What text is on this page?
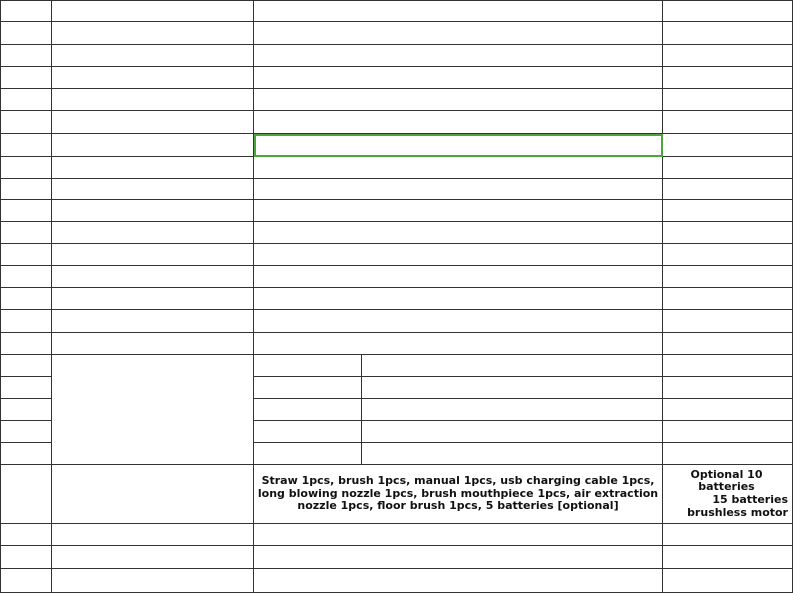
Straw 1pcs, brush 1pcs, manual 1pcs, usb charging cable 1pcs,
long blowing nozzle 1pcs, brush mouthpiece 1pcs, air extraction
nozzle 1pcs, floor brush 1pcs, 5 batteries [optional]
Optional 10 batteries
15 batteries
brushless motor
